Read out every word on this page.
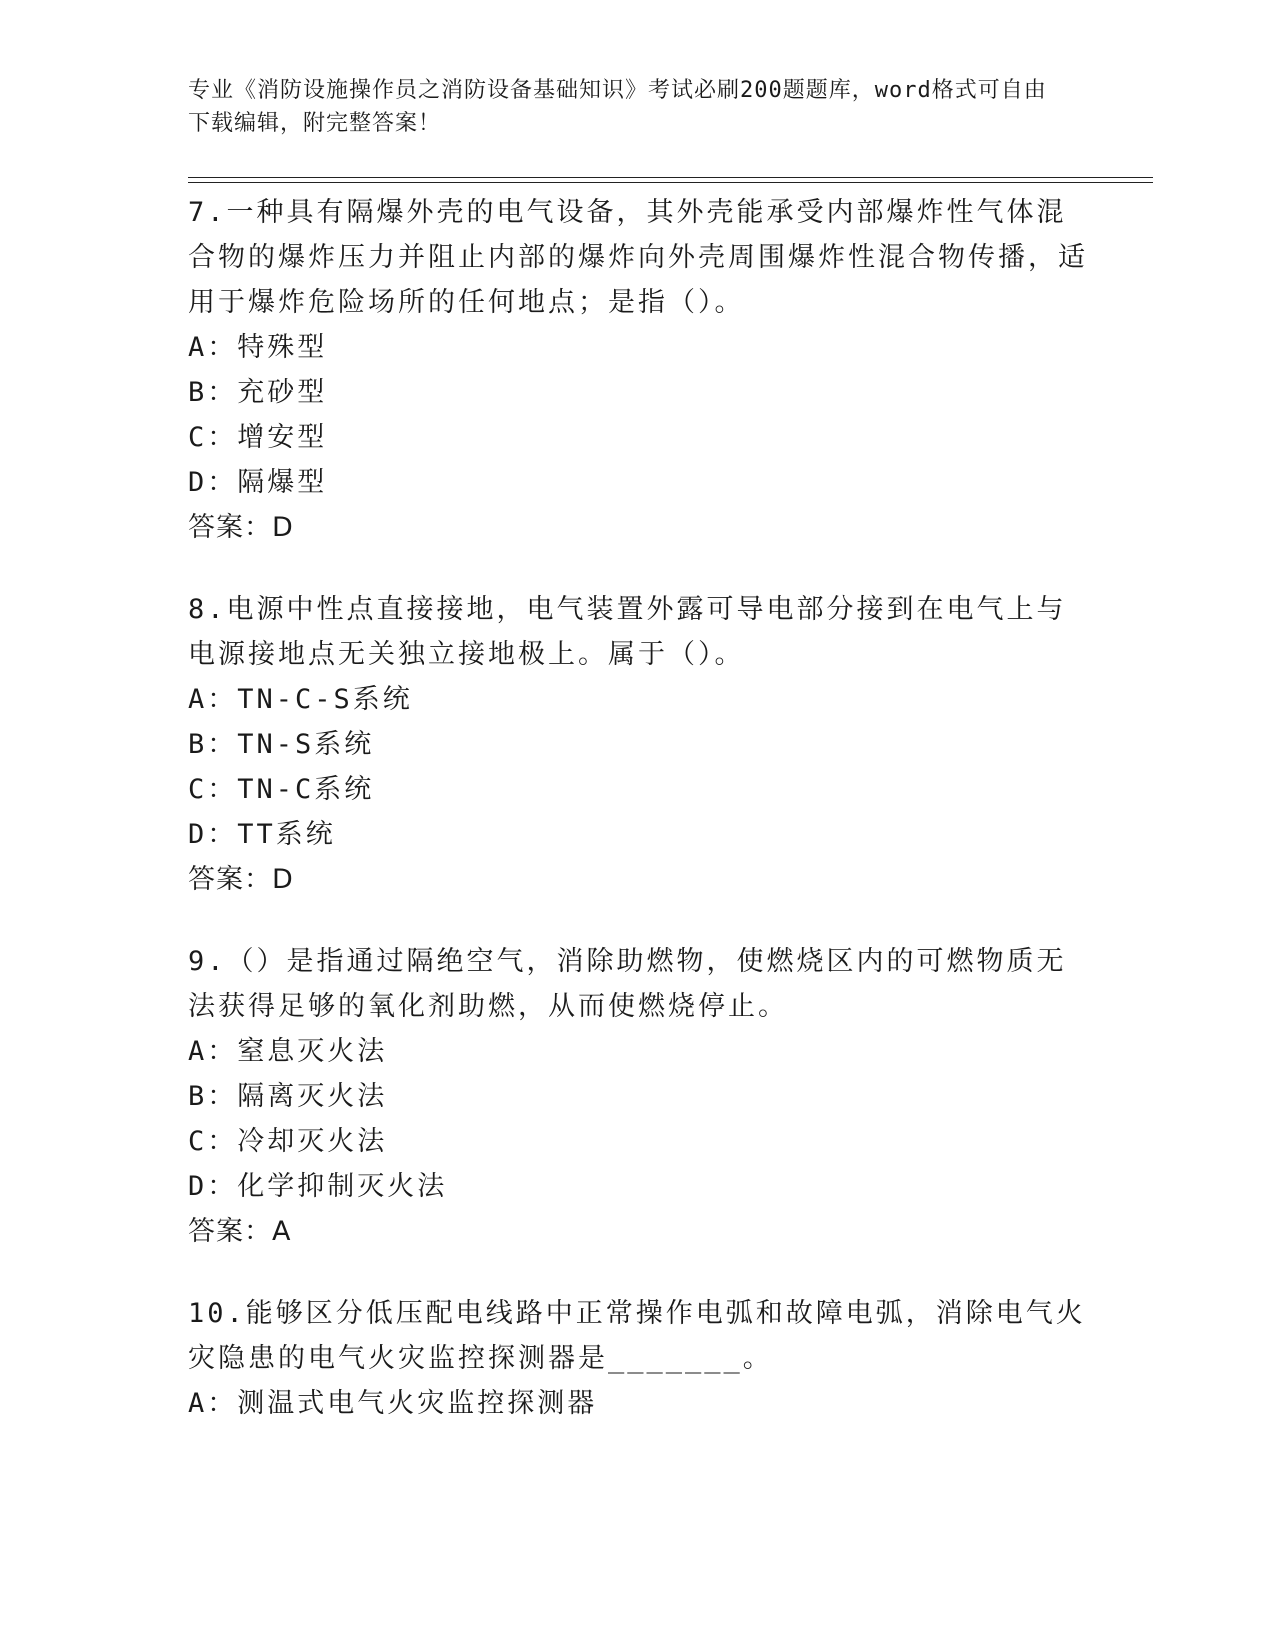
专业《消防设施操作员之消防设备基础知识》考试必刷200题题库，word格式可自由下载编辑，附完整答案！

7.一种具有隔爆外壳的电气设备，其外壳能承受内部爆炸性气体混合物的爆炸压力并阻止内部的爆炸向外壳周围爆炸性混合物传播，适用于爆炸危险场所的任何地点；是指（）。

A：特殊型

B：充砂型

C：增安型

D：隔爆型

答案：D

8.电源中性点直接接地，电气装置外露可导电部分接到在电气上与电源接地点无关独立接地极上。属于（）。

A：TN-C-S系统

B：TN-S系统

C：TN-C系统

D：TT系统

答案：D

9.（）是指通过隔绝空气，消除助燃物，使燃烧区内的可燃物质无法获得足够的氧化剂助燃，从而使燃烧停止。

A：窒息灭火法

B：隔离灭火法

C：冷却灭火法

D：化学抑制灭火法

答案：A

10.能够区分低压配电线路中正常操作电弧和故障电弧，消除电气火灾隐患的电气火灾监控探测器是_______。

A：测温式电气火灾监控探测器
